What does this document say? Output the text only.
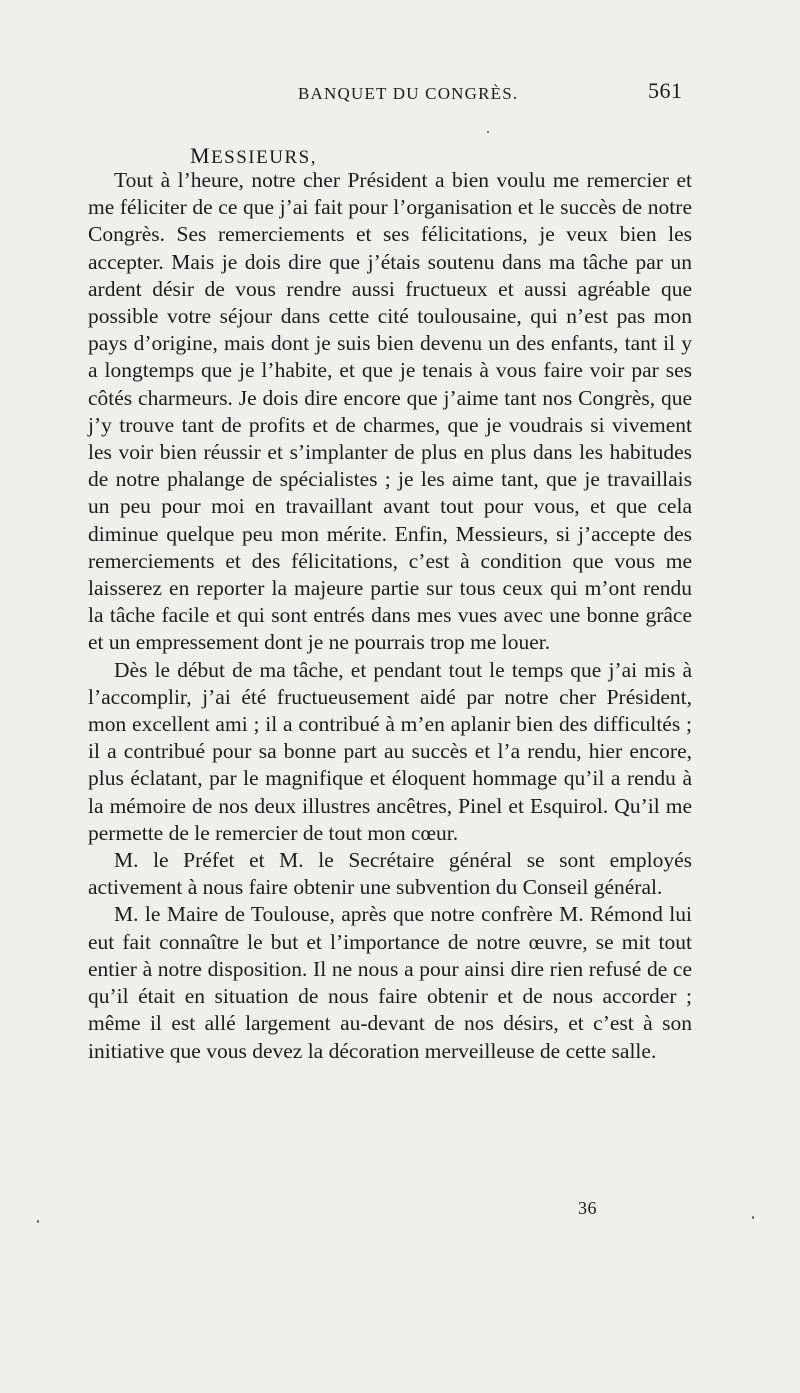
BANQUET DU CONGRÈS.	561
MESSIEURS,

Tout à l’heure, notre cher Président a bien voulu me remercier et me féliciter de ce que j’ai fait pour l’organisation et le succès de notre Congrès. Ses remerciements et ses félicitations, je veux bien les accepter. Mais je dois dire que j’étais soutenu dans ma tâche par un ardent désir de vous rendre aussi fructueux et aussi agréable que possible votre séjour dans cette cité toulousaine, qui n’est pas mon pays d’origine, mais dont je suis bien devenu un des enfants, tant il y a longtemps que je l’habite, et que je tenais à vous faire voir par ses côtés charmeurs. Je dois dire encore que j’aime tant nos Congrès, que j’y trouve tant de profits et de charmes, que je voudrais si vivement les voir bien réussir et s’implanter de plus en plus dans les habitudes de notre phalange de spécialistes ; je les aime tant, que je travaillais un peu pour moi en travaillant avant tout pour vous, et que cela diminue quelque peu mon mérite. Enfin, Messieurs, si j’accepte des remerciements et des félicitations, c’est à condition que vous me laisserez en reporter la majeure partie sur tous ceux qui m’ont rendu la tâche facile et qui sont entrés dans mes vues avec une bonne grâce et un empressement dont je ne pourrais trop me louer.

Dès le début de ma tâche, et pendant tout le temps que j’ai mis à l’accomplir, j’ai été fructueusement aidé par notre cher Président, mon excellent ami ; il a contribué à m’en aplanir bien des difficultés ; il a contribué pour sa bonne part au succès et l’a rendu, hier encore, plus éclatant, par le magnifique et éloquent hommage qu’il a rendu à la mémoire de nos deux illustres ancêtres, Pinel et Esquirol. Qu’il me permette de le remercier de tout mon cœur.

M. le Préfet et M. le Secrétaire général se sont employés activement à nous faire obtenir une subvention du Conseil général.

M. le Maire de Toulouse, après que notre confrère M. Rémond lui eut fait connaître le but et l’importance de notre œuvre, se mit tout entier à notre disposition. Il ne nous a pour ainsi dire rien refusé de ce qu’il était en situation de nous faire obtenir et de nous accorder ; même il est allé largement au-devant de nos désirs, et c’est à son initiative que vous devez la décoration merveilleuse de cette salle.

36
